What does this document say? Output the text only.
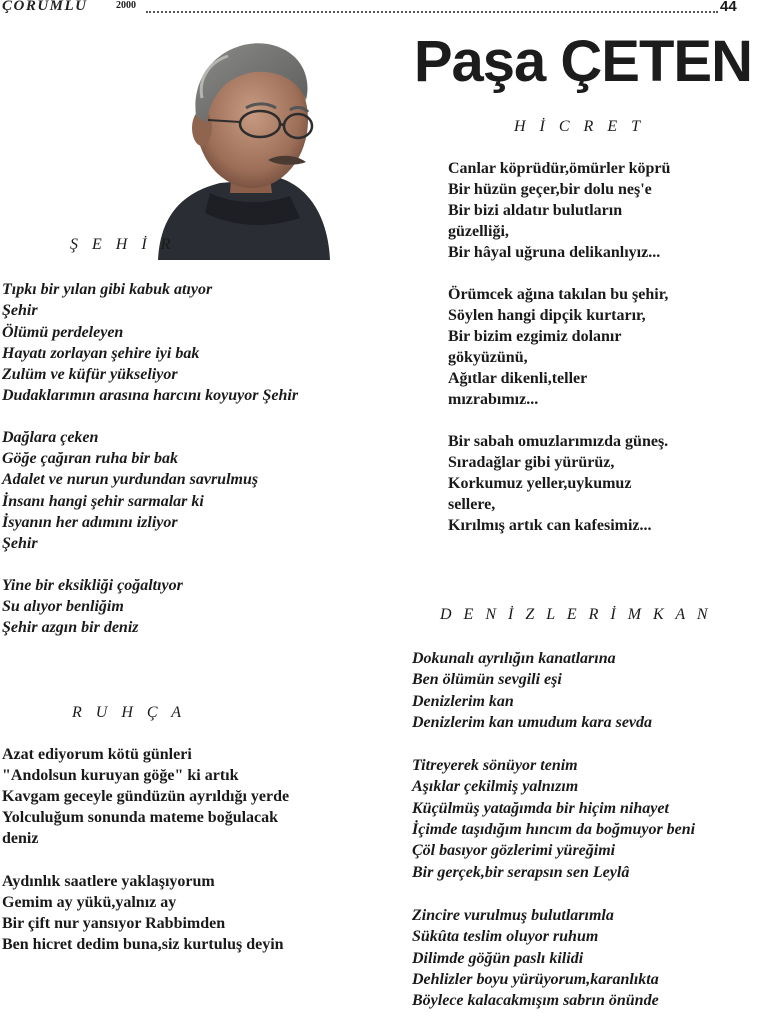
ÇORUMLU	2000	44
Paşa ÇETEN
Ş E H İ R
R U H Ç A
H İ C R E T
D E N İ Z L E R İ M K A N
Tıpkı bir yılan gibi kabuk atıyor
Şehir
Ölümü perdeleyen
Hayatı zorlayan şehire iyi bak
Zulüm ve küfür yükseliyor
Dudaklarımın arasına harcını koyuyor Şehir
Dağlara çeken
Göğe çağıran ruha bir bak
Adalet ve nurun yurdundan savrulmuş
İnsanı hangi şehir sarmalar ki
İsyanın her adımını izliyor
Şehir
Yine bir eksikliği çoğaltıyor
Su alıyor benliğim
Şehir azgın bir deniz
Azat ediyorum kötü günleri
"Andolsun kuruyan göğe" ki artık
Kavgam geceyle gündüzün ayrıldığı yerde
Yolculuğum sonunda mateme boğulacak
deniz
Aydınlık saatlere yaklaşıyorum
Gemim ay yükü,yalnız ay
Bir çift nur yansıyor Rabbimden
Ben hicret dedim buna,siz kurtuluş deyin
Canlar köprüdür,ömürler köprü
Bir hüzün geçer,bir dolu neş'e
Bir bizi aldatır bulutların
güzelliği,
Bir hâyal uğruna delikanlıyız...
Örümcek ağına takılan bu şehir,
Söylen hangi dipçik kurtarır,
Bir bizim ezgimiz dolanır
gökyüzünü,
Ağıtlar dikenli,teller
mızrabımız...
Bir sabah omuzlarımızda güneş.
Sıradağlar gibi yürürüz,
Korkumuz yeller,uykumuz
sellere,
Kırılmış artık can kafesimiz...
Dokunalı ayrılığın kanatlarına
Ben ölümün sevgili eşi
Denizlerim kan
Denizlerim kan umudum kara sevda
Titreyerek sönüyor tenim
Aşıklar çekilmiş yalnızım
Küçülmüş yatağımda bir hiçim nihayet
İçimde taşıdığım hıncım da boğmuyor beni
Çöl basıyor gözlerimi yüreğimi
Bir gerçek,bir serapsın sen Leylâ
Zincire vurulmuş bulutlarımla
Sükûta teslim oluyor ruhum
Dilimde göğün paslı kilidi
Dehlizler boyu yürüyorum,karanlıkta
Böylece kalacakmışım sabrın önünde
